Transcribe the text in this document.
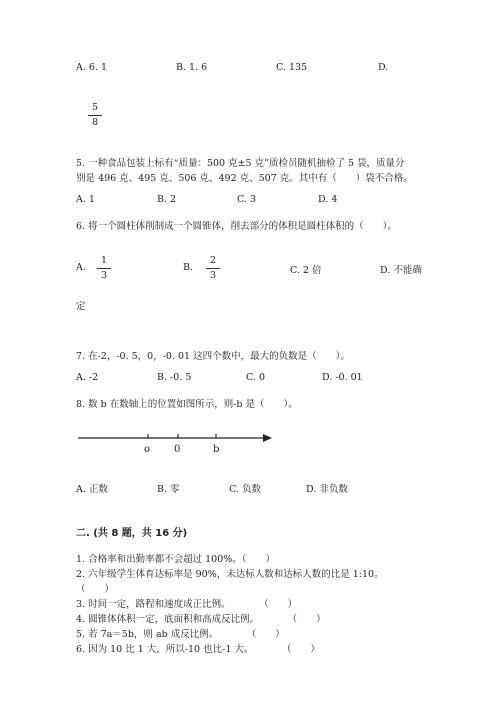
A. 6. 1	B. 1. 6	C. 135	D.
5
8
5. 一种食品包装上标有“质量：500 克±5 克”质检员随机抽检了 5 袋，质量分
别是 496 克、495 克、506 克、492 克、507 克。其中有（　　）袋不合格。
A. 1	B. 2	C. 3	D. 4
6. 将一个圆柱体削制成一个圆锥体，削去部分的体积是圆柱体积的（　　）。
A.
1
3
B.
2
3	C. 2 倍	D. 不能确
定
7. 在-2，-0. 5，0，-0. 01 这四个数中，最大的负数是（　　）。
A. -2	B. -0. 5	C. 0	D. -0. 01
8. 数 b 在数轴上的位置如图所示，则-b 是（　　）。
o 0	b
A. 正数	B. 零	C. 负数	D. 非负数
二. (共 8 题，共 16 分)
1. 合格率和出勤率都不会超过 100%。（　　）
2. 六年级学生体育达标率是 90%，未达标人数和达标人数的比是 1:10。
（　　）
3. 时间一定，路程和速度成正比例。　　　　（　　）
4. 圆锥体体积一定，底面积和高成反比例。　　　　（　　）
5. 若 7a＝5b，则 ab 成反比例。　　　　（　　）
6. 因为 10 比 1 大，所以-10 也比-1 大。　　　　（　　）
